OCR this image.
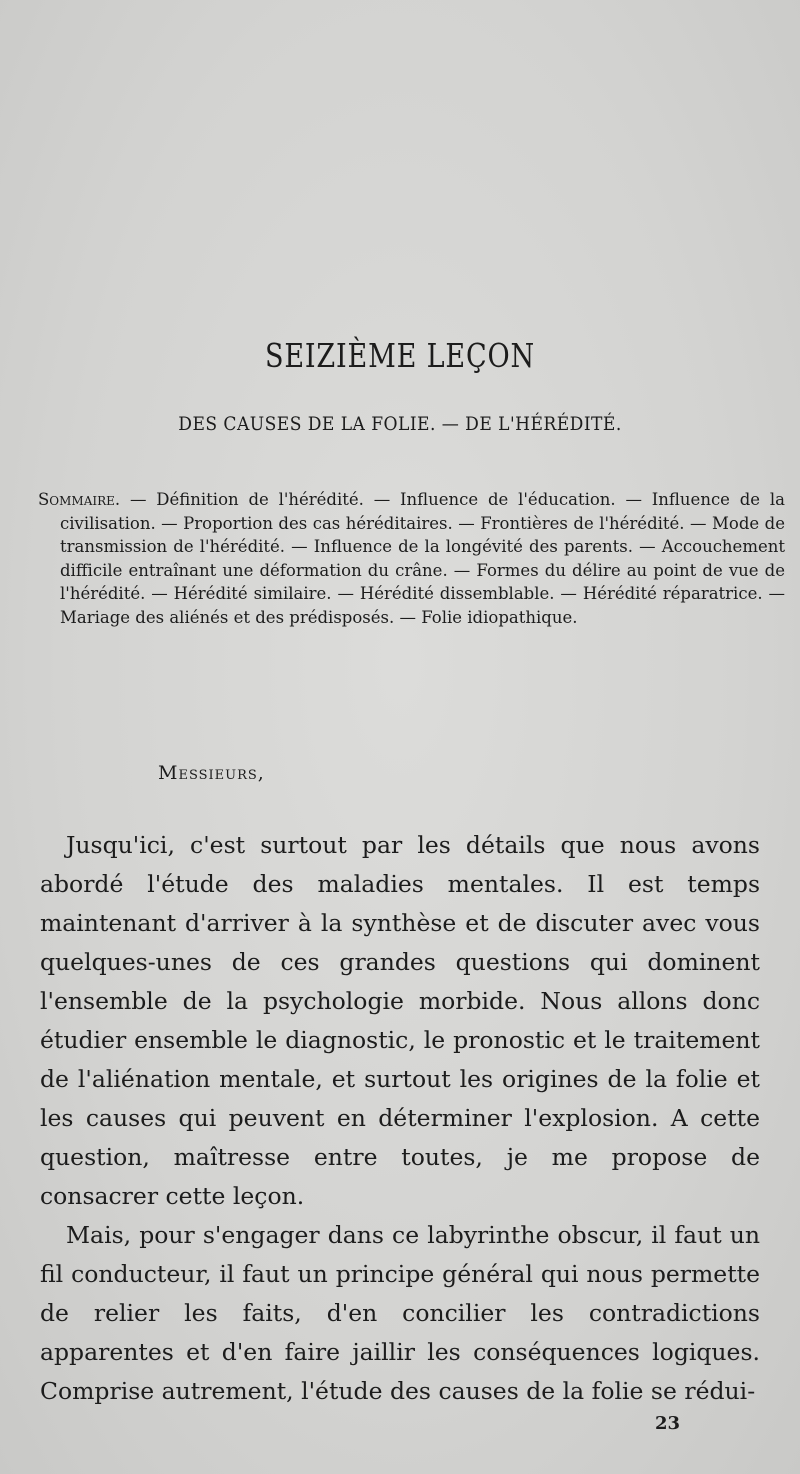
SEIZIÈME LEÇON
DES CAUSES DE LA FOLIE. — DE L'HÉRÉDITÉ.

Sommaire. — Définition de l'hérédité. — Influence de l'éducation. — Influence de la civilisation. — Proportion des cas héréditaires. — Frontières de l'hérédité. — Mode de transmission de l'hérédité. — Influence de la longévité des parents. — Accouchement difficile entraînant une déformation du crâne. — Formes du délire au point de vue de l'hérédité. — Hérédité similaire. — Hérédité dissemblable. — Hérédité réparatrice. — Mariage des aliénés et des prédisposés. — Folie idiopathique.

Messieurs,

Jusqu'ici, c'est surtout par les détails que nous avons abordé l'étude des maladies mentales. Il est temps maintenant d'arriver à la synthèse et de discuter avec vous quelques-unes de ces grandes questions qui dominent l'ensemble de la psychologie morbide. Nous allons donc étudier ensemble le diagnostic, le pronostic et le traitement de l'aliénation mentale, et surtout les origines de la folie et les causes qui peuvent en déterminer l'explosion. A cette question, maîtresse entre toutes, je me propose de consacrer cette leçon.

Mais, pour s'engager dans ce labyrinthe obscur, il faut un fil conducteur, il faut un principe général qui nous permette de relier les faits, d'en concilier les contradictions apparentes et d'en faire jaillir les conséquences logiques. Comprise autrement, l'étude des causes de la folie se rédui-

23
